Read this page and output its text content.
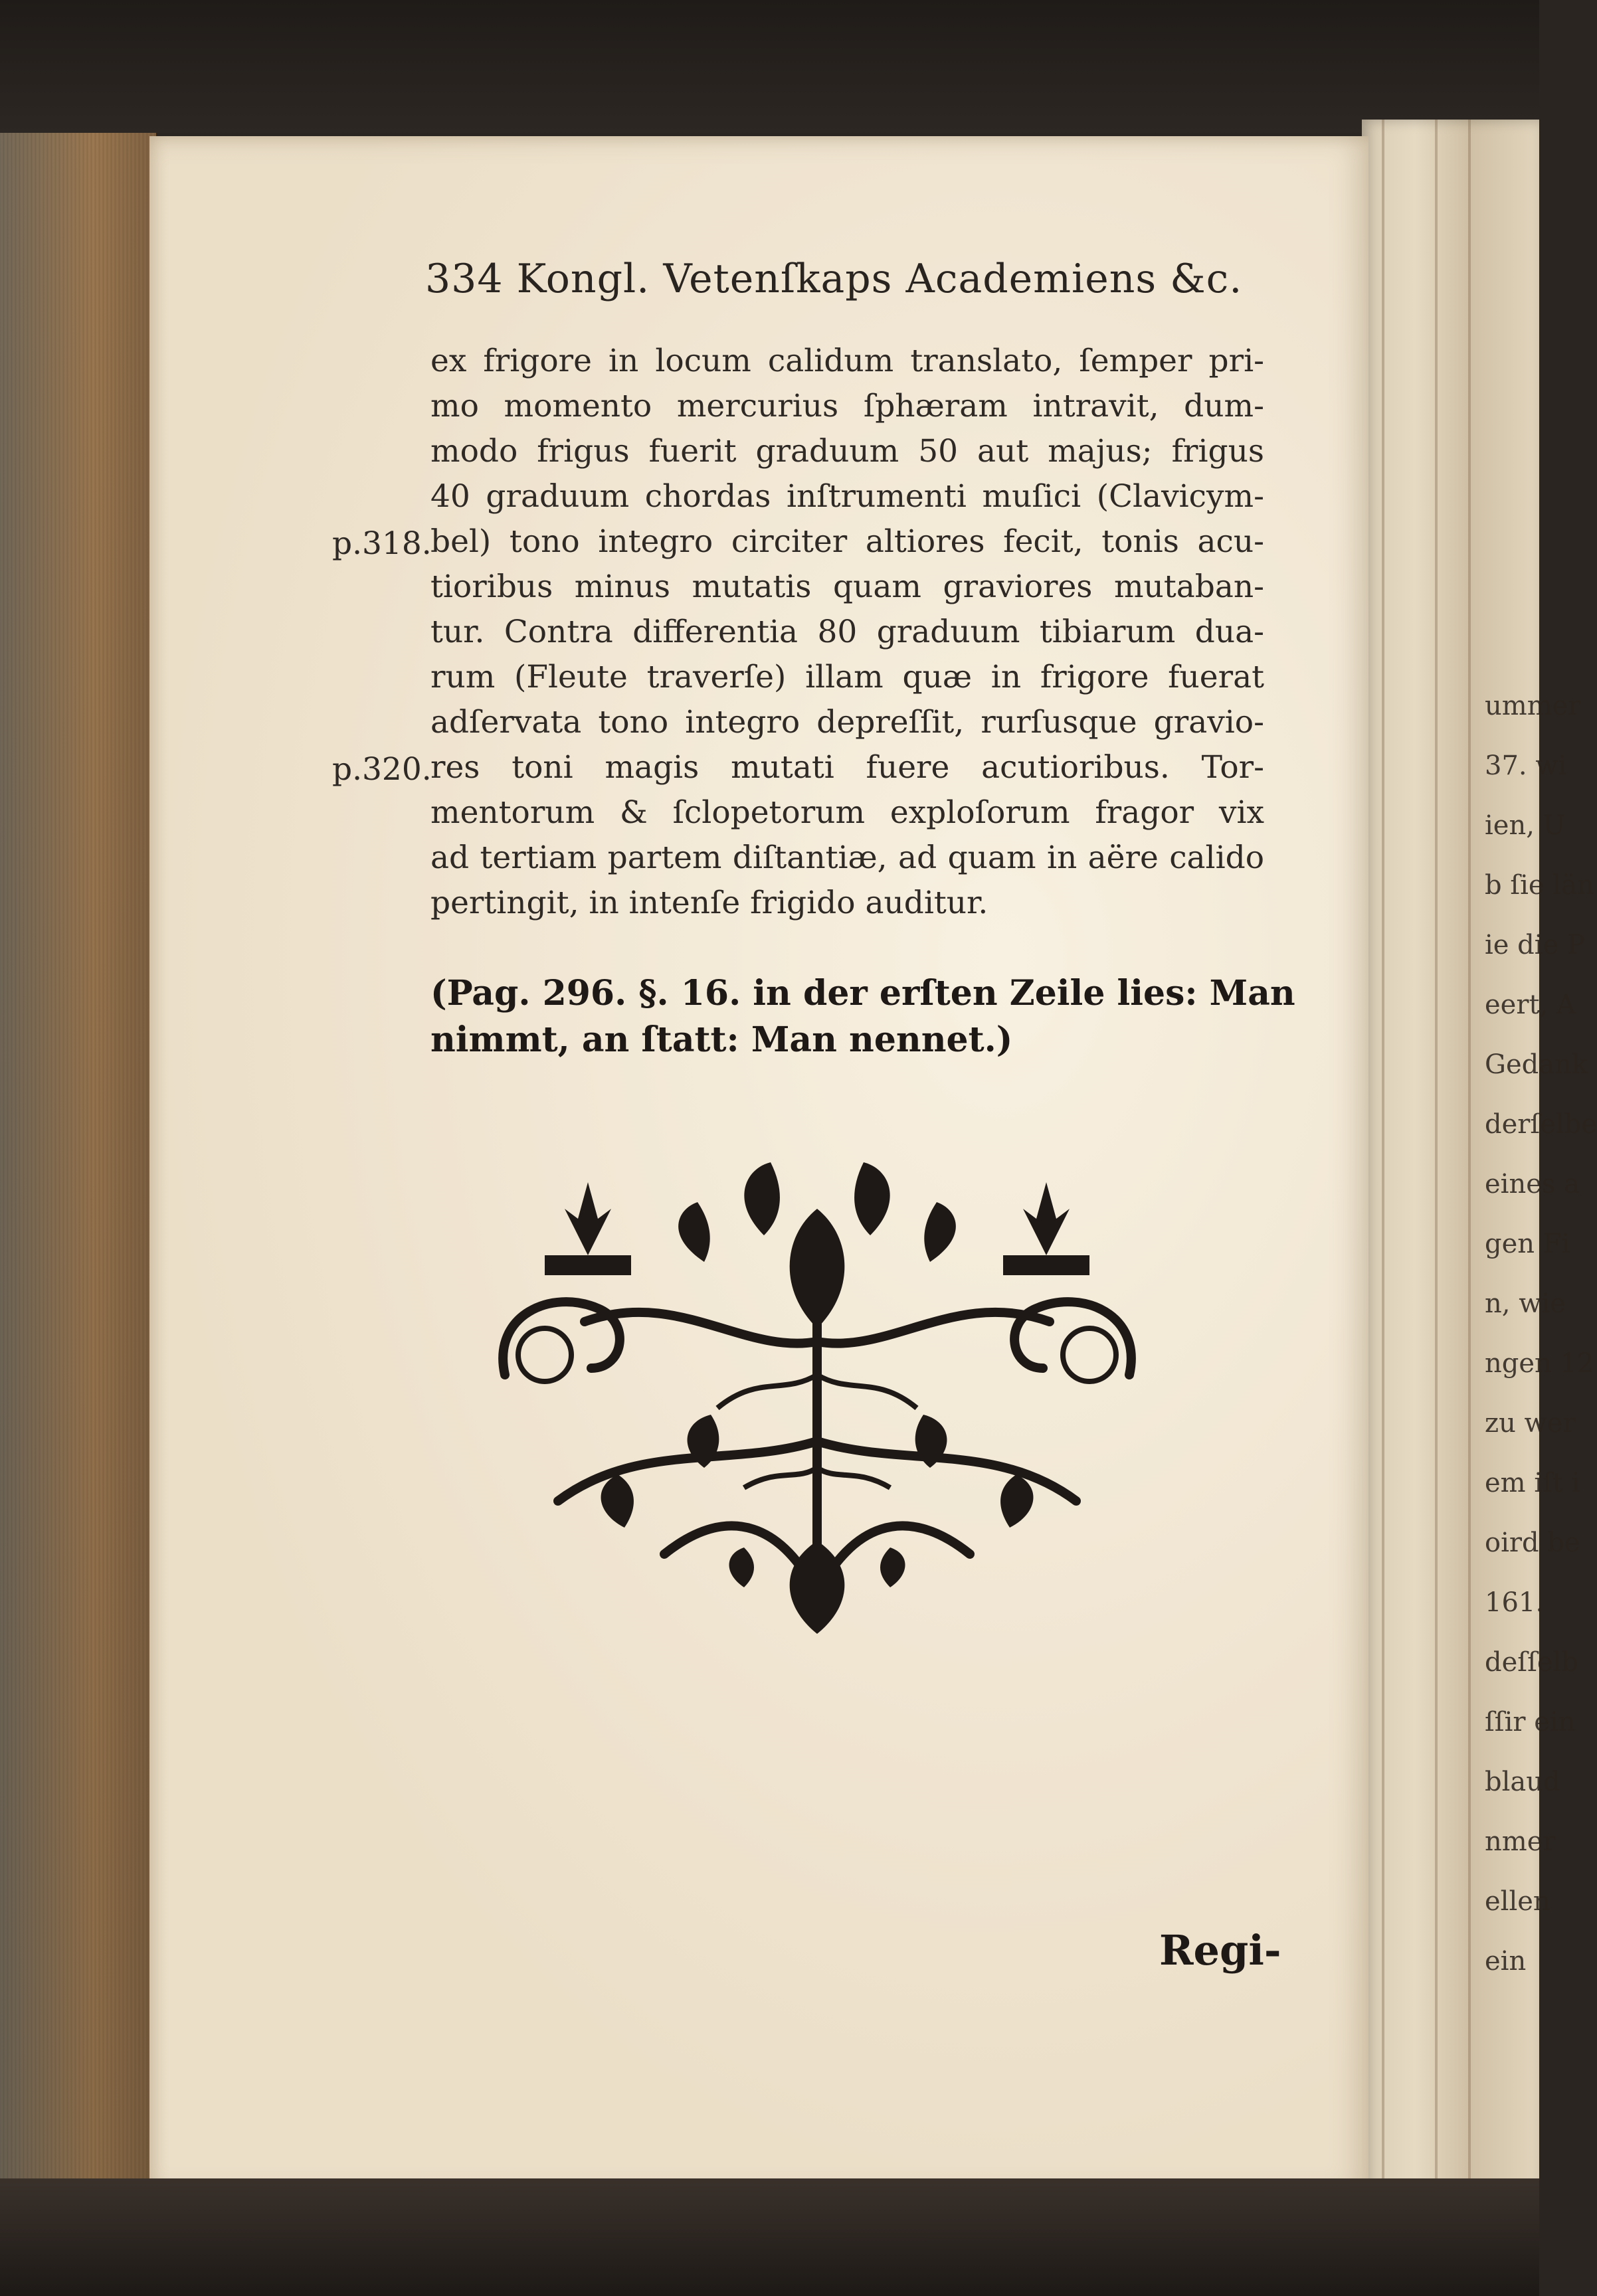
ummer
37. wi
ien, U
b ſie län
ie die P
eert, A
Gedank
derſelbe
eines a
gen Fi
n, wie
ngen 12
zu wer
em iſt i
oird be
161.
deſſelb
ſſir ein
blaud
nmer
ellen
ein
334 Kongl. Vetenſkaps Academiens &c.
ex frigore in locum calidum translato, ſemper pri-
mo momento mercurius ſphæram intravit, dum-
modo frigus fuerit graduum 50 aut majus; frigus
40 graduum chordas inſtrumenti muſici (Clavicym-
bel) tono integro circiter altiores fecit, tonis acu-
tioribus minus mutatis quam graviores mutaban-
tur. Contra differentia 80 graduum tibiarum dua-
rum (Fleute traverſe) illam quæ in frigore fuerat
adſervata tono integro depreſſit, rurſusque gravio-
res toni magis mutati fuere acutioribus. Tor-
mentorum & ſclopetorum exploſorum fragor vix
ad tertiam partem diſtantiæ, ad quam in aëre calido
pertingit, in intenſe frigido auditur.
p.318.
p.320.
(Pag. 296. §. 16. in der erſten Zeile lies: Man
nimmt, an ſtatt: Man nennet.)
Regi-
